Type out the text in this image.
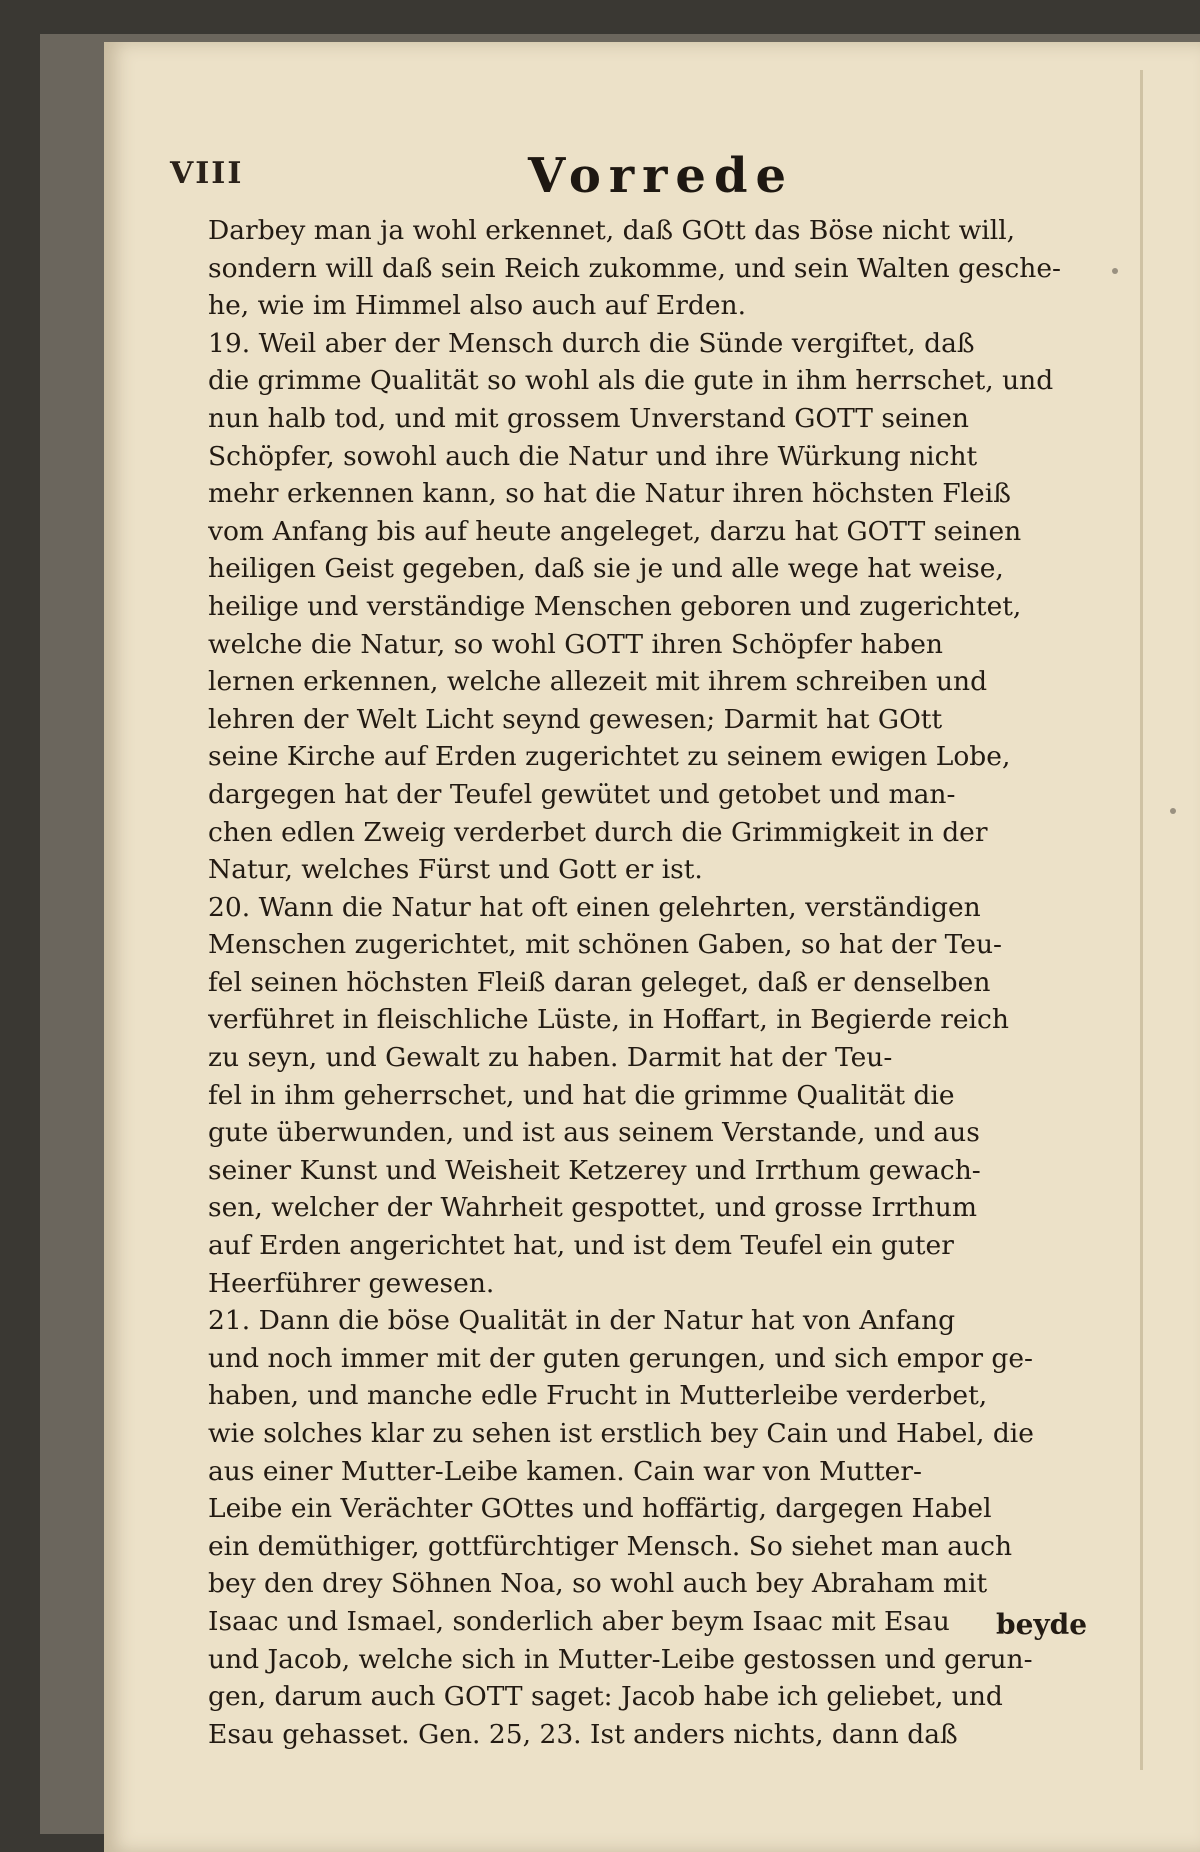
VIII	Vorrede
Darbey man ja wohl erkennet, daß GOtt das Böse nicht will,
sondern will daß sein Reich zukomme, und sein Walten gesche-
he, wie im Himmel also auch auf Erden.
19. Weil aber der Mensch durch die Sünde vergiftet, daß
die grimme Qualität so wohl als die gute in ihm herrschet, und
nun halb tod, und mit grossem Unverstand GOTT seinen
Schöpfer, sowohl auch die Natur und ihre Würkung nicht
mehr erkennen kann, so hat die Natur ihren höchsten Fleiß
vom Anfang bis auf heute angeleget, darzu hat GOTT seinen
heiligen Geist gegeben, daß sie je und alle wege hat weise,
heilige und verständige Menschen geboren und zugerichtet,
welche die Natur, so wohl GOTT ihren Schöpfer haben
lernen erkennen, welche allezeit mit ihrem schreiben und
lehren der Welt Licht seynd gewesen; Darmit hat GOtt
seine Kirche auf Erden zugerichtet zu seinem ewigen Lobe,
dargegen hat der Teufel gewütet und getobet und man-
chen edlen Zweig verderbet durch die Grimmigkeit in der
Natur, welches Fürst und Gott er ist.
20. Wann die Natur hat oft einen gelehrten, verständigen
Menschen zugerichtet, mit schönen Gaben, so hat der Teu-
fel seinen höchsten Fleiß daran geleget, daß er denselben
verführet in fleischliche Lüste, in Hoffart, in Begierde reich
zu seyn, und Gewalt zu haben. Darmit hat der Teu-
fel in ihm geherrschet, und hat die grimme Qualität die
gute überwunden, und ist aus seinem Verstande, und aus
seiner Kunst und Weisheit Ketzerey und Irrthum gewach-
sen, welcher der Wahrheit gespottet, und grosse Irrthum
auf Erden angerichtet hat, und ist dem Teufel ein guter
Heerführer gewesen.
21. Dann die böse Qualität in der Natur hat von Anfang
und noch immer mit der guten gerungen, und sich empor ge-
haben, und manche edle Frucht in Mutterleibe verderbet,
wie solches klar zu sehen ist erstlich bey Cain und Habel, die
aus einer Mutter-Leibe kamen. Cain war von Mutter-
Leibe ein Verächter GOttes und hoffärtig, dargegen Habel
ein demüthiger, gottfürchtiger Mensch. So siehet man auch
bey den drey Söhnen Noa, so wohl auch bey Abraham mit
Isaac und Ismael, sonderlich aber beym Isaac mit Esau
und Jacob, welche sich in Mutter-Leibe gestossen und gerun-
gen, darum auch GOTT saget: Jacob habe ich geliebet, und
Esau gehasset. Gen. 25, 23. Ist anders nichts, dann daß
beyde
